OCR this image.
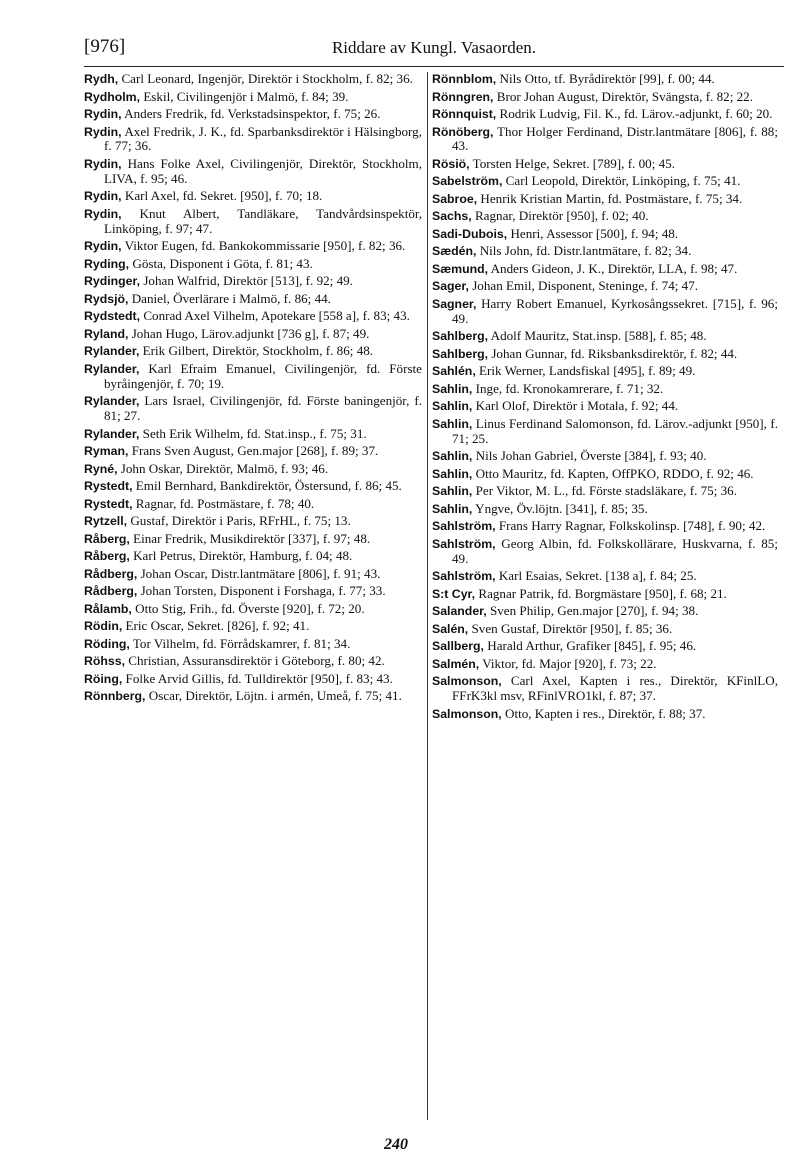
[976]	Riddare av Kungl. Vasaorden.

Rydh, Carl Leonard, Ingenjör, Direktör i Stockholm, f. 82; 36.

Rydholm, Eskil, Civilingenjör i Malmö, f. 84; 39.

Rydin, Anders Fredrik, fd. Verkstadsinspektor, f. 75; 26.

Rydin, Axel Fredrik, J. K., fd. Sparbanksdirektör i Hälsingborg, f. 77; 36.

Rydin, Hans Folke Axel, Civilingenjör, Direktör, Stockholm, LIVA, f. 95; 46.

Rydin, Karl Axel, fd. Sekret. [950], f. 70; 18.

Rydin, Knut Albert, Tandläkare, Tandvårdsinspektör, Linköping, f. 97; 47.

Rydin, Viktor Eugen, fd. Bankokommissarie [950], f. 82; 36.

Ryding, Gösta, Disponent i Göta, f. 81; 43.

Rydinger, Johan Walfrid, Direktör [513], f. 92; 49.

Rydsjö, Daniel, Överlärare i Malmö, f. 86; 44.

Rydstedt, Conrad Axel Vilhelm, Apotekare [558 a], f. 83; 43.

Ryland, Johan Hugo, Lärov.adjunkt [736 g], f. 87; 49.

Rylander, Erik Gilbert, Direktör, Stockholm, f. 86; 48.

Rylander, Karl Efraim Emanuel, Civilingenjör, fd. Förste byråingenjör, f. 70; 19.

Rylander, Lars Israel, Civilingenjör, fd. Förste baningenjör, f. 81; 27.

Rylander, Seth Erik Wilhelm, fd. Stat.insp., f. 75; 31.

Ryman, Frans Sven August, Gen.major [268], f. 89; 37.

Ryné, John Oskar, Direktör, Malmö, f. 93; 46.

Rystedt, Emil Bernhard, Bankdirektör, Östersund, f. 86; 45.

Rystedt, Ragnar, fd. Postmästare, f. 78; 40.

Rytzell, Gustaf, Direktör i Paris, RFrHL, f. 75; 13.

Råberg, Einar Fredrik, Musikdirektör [337], f. 97; 48.

Råberg, Karl Petrus, Direktör, Hamburg, f. 04; 48.

Rådberg, Johan Oscar, Distr.lantmätare [806], f. 91; 43.

Rådberg, Johan Torsten, Disponent i Forshaga, f. 77; 33.

Rålamb, Otto Stig, Frih., fd. Överste [920], f. 72; 20.

Rödin, Eric Oscar, Sekret. [826], f. 92; 41.

Röding, Tor Vilhelm, fd. Förrådskamrer, f. 81; 34.

Röhss, Christian, Assuransdirektör i Göteborg, f. 80; 42.

Röing, Folke Arvid Gillis, fd. Tulldirektör [950], f. 83; 43.

Rönnberg, Oscar, Direktör, Löjtn. i armén, Umeå, f. 75; 41.

Rönnblom, Nils Otto, tf. Byrådirektör [99], f. 00; 44.

Rönngren, Bror Johan August, Direktör, Svängsta, f. 82; 22.

Rönnquist, Rodrik Ludvig, Fil. K., fd. Lärov.-adjunkt, f. 60; 20.

Rönöberg, Thor Holger Ferdinand, Distr.lantmätare [806], f. 88; 43.

Rösiö, Torsten Helge, Sekret. [789], f. 00; 45.

Sabelström, Carl Leopold, Direktör, Linköping, f. 75; 41.

Sabroe, Henrik Kristian Martin, fd. Postmästare, f. 75; 34.

Sachs, Ragnar, Direktör [950], f. 02; 40.

Sadi-Dubois, Henri, Assessor [500], f. 94; 48.

Sædén, Nils John, fd. Distr.lantmätare, f. 82; 34.

Sæmund, Anders Gideon, J. K., Direktör, LLA, f. 98; 47.

Sager, Johan Emil, Disponent, Steninge, f. 74; 47.

Sagner, Harry Robert Emanuel, Kyrkosångssekret. [715], f. 96; 49.

Sahlberg, Adolf Mauritz, Stat.insp. [588], f. 85; 48.

Sahlberg, Johan Gunnar, fd. Riksbanksdirektör, f. 82; 44.

Sahlén, Erik Werner, Landsfiskal [495], f. 89; 49.

Sahlin, Inge, fd. Kronokamrerare, f. 71; 32.

Sahlin, Karl Olof, Direktör i Motala, f. 92; 44.

Sahlin, Linus Ferdinand Salomonson, fd. Lärov.-adjunkt [950], f. 71; 25.

Sahlin, Nils Johan Gabriel, Överste [384], f. 93; 40.

Sahlin, Otto Mauritz, fd. Kapten, OffPKO, RDDO, f. 92; 46.

Sahlin, Per Viktor, M. L., fd. Förste stadsläkare, f. 75; 36.

Sahlin, Yngve, Öv.löjtn. [341], f. 85; 35.

Sahlström, Frans Harry Ragnar, Folkskolinsp. [748], f. 90; 42.

Sahlström, Georg Albin, fd. Folkskollärare, Huskvarna, f. 85; 49.

Sahlström, Karl Esaias, Sekret. [138 a], f. 84; 25.

S:t Cyr, Ragnar Patrik, fd. Borgmästare [950], f. 68; 21.

Salander, Sven Philip, Gen.major [270], f. 94; 38.

Salén, Sven Gustaf, Direktör [950], f. 85; 36.

Sallberg, Harald Arthur, Grafiker [845], f. 95; 46.

Salmén, Viktor, fd. Major [920], f. 73; 22.

Salmonson, Carl Axel, Kapten i res., Direktör, KFinlLO, FFrK3kl msv, RFinlVRO1kl, f. 87; 37.

Salmonson, Otto, Kapten i res., Direktör, f. 88; 37.

240
